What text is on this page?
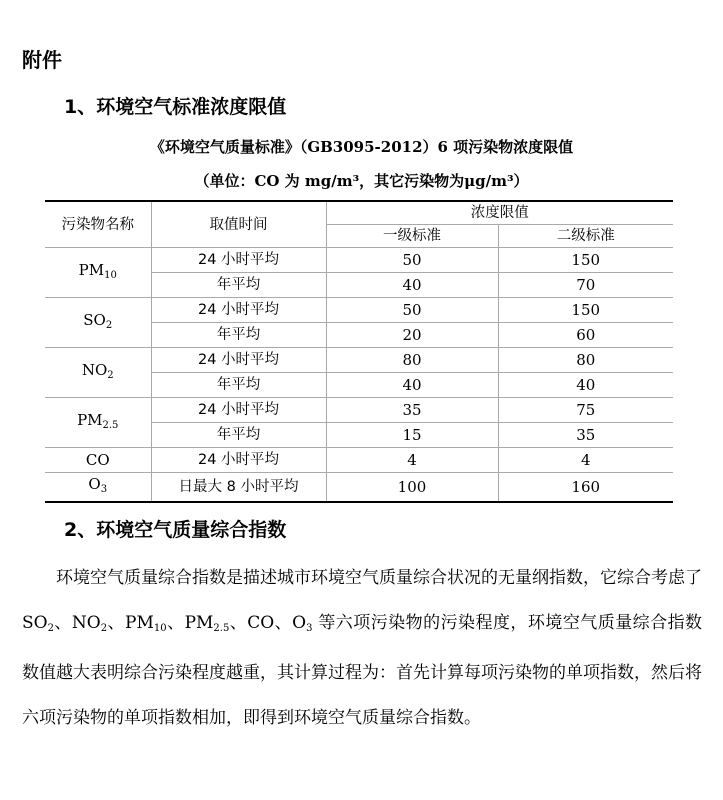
附件
1、环境空气标准浓度限值
《环境空气质量标准》（GB3095-2012）6 项污染物浓度限值
（单位：CO 为 mg/m³，其它污染物为μg/m³）
污染物名称	取值时间	浓度限值	
		一级标准	二级标准
$PM_{10}$	24 小时平均	50	150
	年平均	40	70
$SO_2$	24 小时平均	50	150
	年平均	20	60
$NO_2$	24 小时平均	80	80
	年平均	40	40
$PM_{2.5}$	24 小时平均	35	75
	年平均	15	35
CO	24 小时平均	4	4
$O_3$	日最大 8 小时平均	100	160
2、环境空气质量综合指数
环境空气质量综合指数是描述城市环境空气质量综合状况的无量纲指数，它综合考虑了 $SO_2$、$NO_2$、$PM_{10}$、$PM_{2.5}$、CO、$O_3$ 等六项污染物的污染程度，环境空气质量综合指数数值越大表明综合污染程度越重，其计算过程为：首先计算每项污染物的单项指数，然后将六项污染物的单项指数相加，即得到环境空气质量综合指数。
